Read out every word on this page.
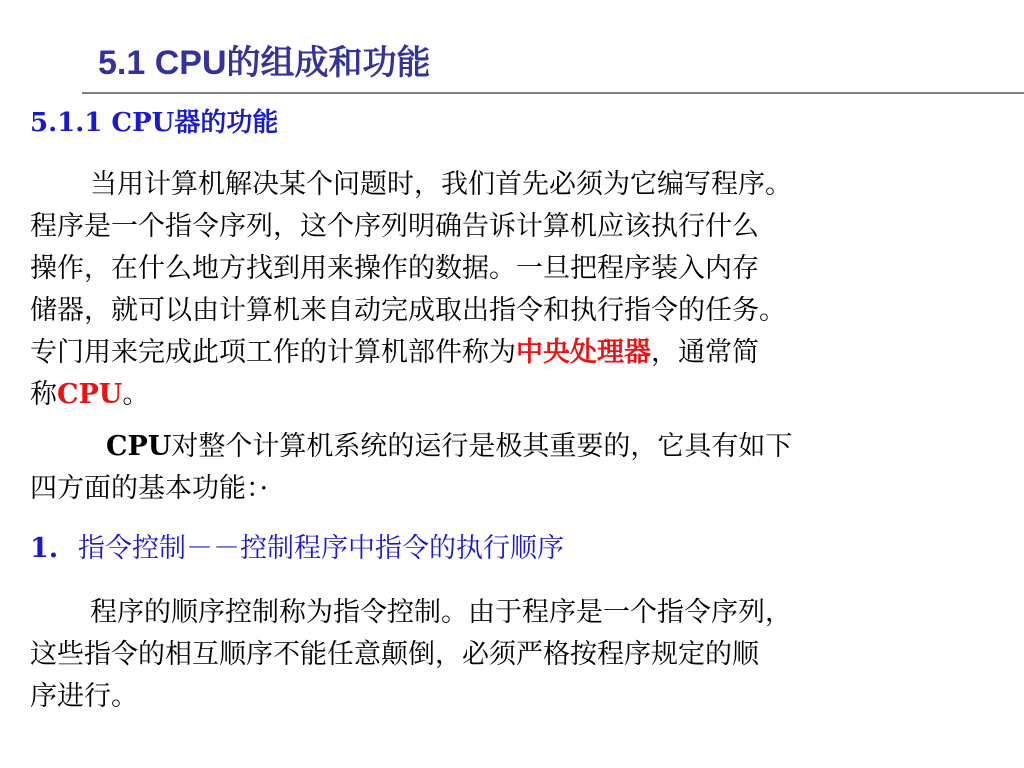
5.1 CPU的组成和功能
5.1.1 CPU器的功能
当用计算机解决某个问题时，我们首先必须为它编写程序。
程序是一个指令序列，这个序列明确告诉计算机应该执行什么
操作，在什么地方找到用来操作的数据。一旦把程序装入内存
储器，就可以由计算机来自动完成取出指令和执行指令的任务。
专门用来完成此项工作的计算机部件称为中央处理器，通常简
称CPU。
CPU对整个计算机系统的运行是极其重要的，它具有如下
四方面的基本功能：·
1. 指令控制－－控制程序中指令的执行顺序
程序的顺序控制称为指令控制。由于程序是一个指令序列，
这些指令的相互顺序不能任意颠倒，必须严格按程序规定的顺
序进行。
